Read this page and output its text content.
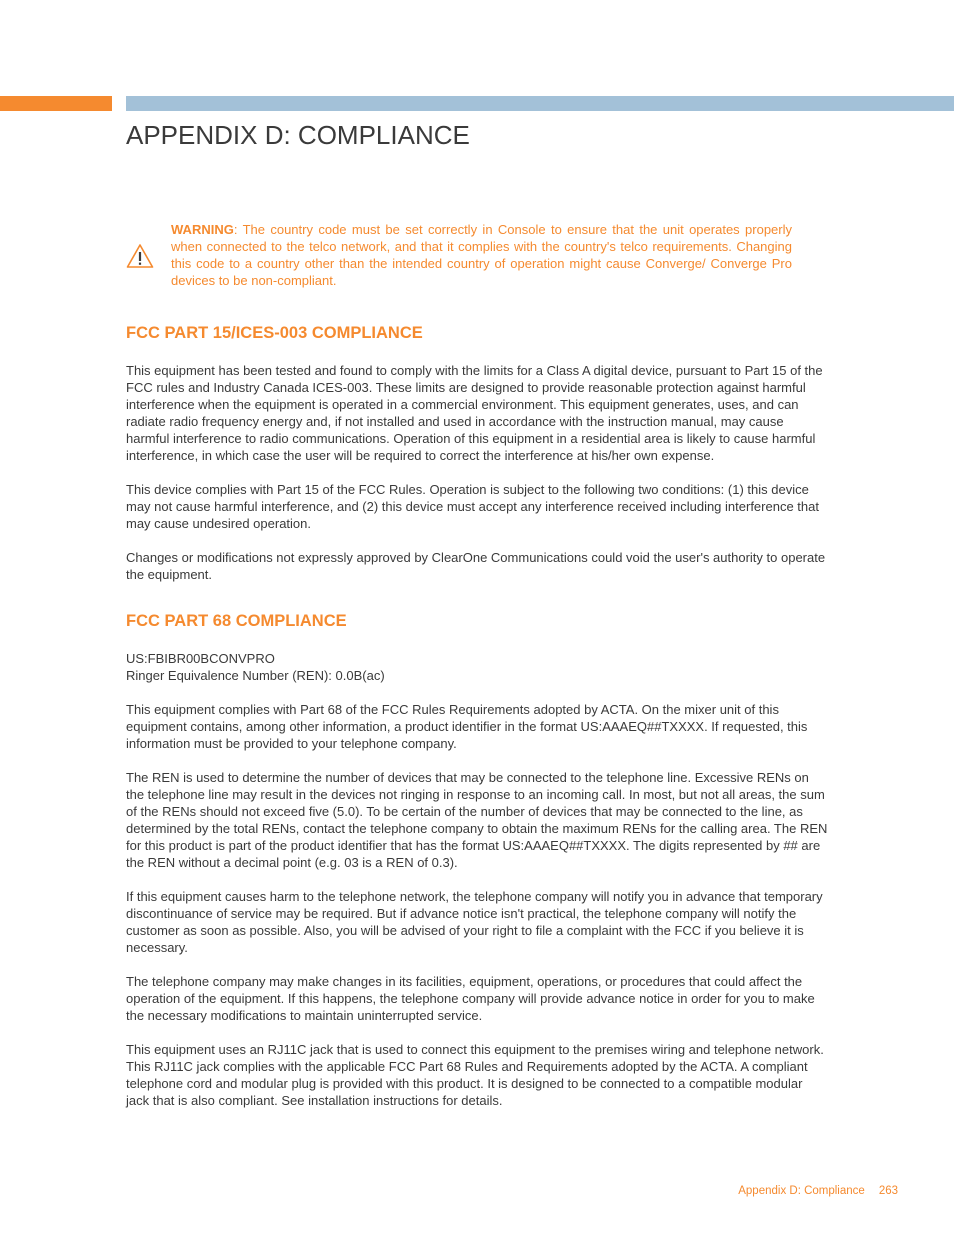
APPENDIX D: COMPLIANCE

WARNING: The country code must be set correctly in Console to ensure that the unit operates properly when connected to the telco network, and that it complies with the country's telco requirements. Changing this code to a country other than the intended country of operation might cause Converge/ Converge Pro devices to be non-compliant.

FCC PART 15/ICES-003 COMPLIANCE

This equipment has been tested and found to comply with the limits for a Class A digital device, pursuant to Part 15 of the FCC rules and Industry Canada ICES-003. These limits are designed to provide reasonable protection against harmful interference when the equipment is operated in a commercial environment. This equipment generates, uses, and can radiate radio frequency energy and, if not installed and used in accordance with the instruction manual, may cause harmful interference to radio communications. Operation of this equipment in a residential area is likely to cause harmful interference, in which case the user will be required to correct the interference at his/her own expense.

This device complies with Part 15 of the FCC Rules. Operation is subject to the following two conditions: (1) this device may not cause harmful interference, and (2) this device must accept any interference received including interference that may cause undesired operation.

Changes or modifications not expressly approved by ClearOne Communications could void the user's authority to operate the equipment.

FCC PART 68 COMPLIANCE

US:FBIBR00BCONVPRO
Ringer Equivalence Number (REN): 0.0B(ac)

This equipment complies with Part 68 of the FCC Rules Requirements adopted by ACTA. On the mixer unit of this equipment contains, among other information, a product identifier in the format US:AAAEQ##TXXXX. If requested, this information must be provided to your telephone company.

The REN is used to determine the number of devices that may be connected to the telephone line. Excessive RENs on the telephone line may result in the devices not ringing in response to an incoming call. In most, but not all areas, the sum of the RENs should not exceed five (5.0). To be certain of the number of devices that may be connected to the line, as determined by the total RENs, contact the telephone company to obtain the maximum RENs for the calling area. The REN for this product is part of the product identifier that has the format US:AAAEQ##TXXXX. The digits represented by ## are the REN without a decimal point (e.g. 03 is a REN of 0.3).

If this equipment causes harm to the telephone network, the telephone company will notify you in advance that temporary discontinuance of service may be required. But if advance notice isn't practical, the telephone company will notify the customer as soon as possible. Also, you will be advised of your right to file a complaint with the FCC if you believe it is necessary.

The telephone company may make changes in its facilities, equipment, operations, or procedures that could affect the operation of the equipment. If this happens, the telephone company will provide advance notice in order for you to make the necessary modifications to maintain uninterrupted service.

This equipment uses an RJ11C jack that is used to connect this equipment to the premises wiring and telephone network. This RJ11C jack complies with the applicable FCC Part 68 Rules and Requirements adopted by the ACTA. A compliant telephone cord and modular plug is provided with this product. It is designed to be connected to a compatible modular jack that is also compliant. See installation instructions for details.

Appendix D: Compliance 263
